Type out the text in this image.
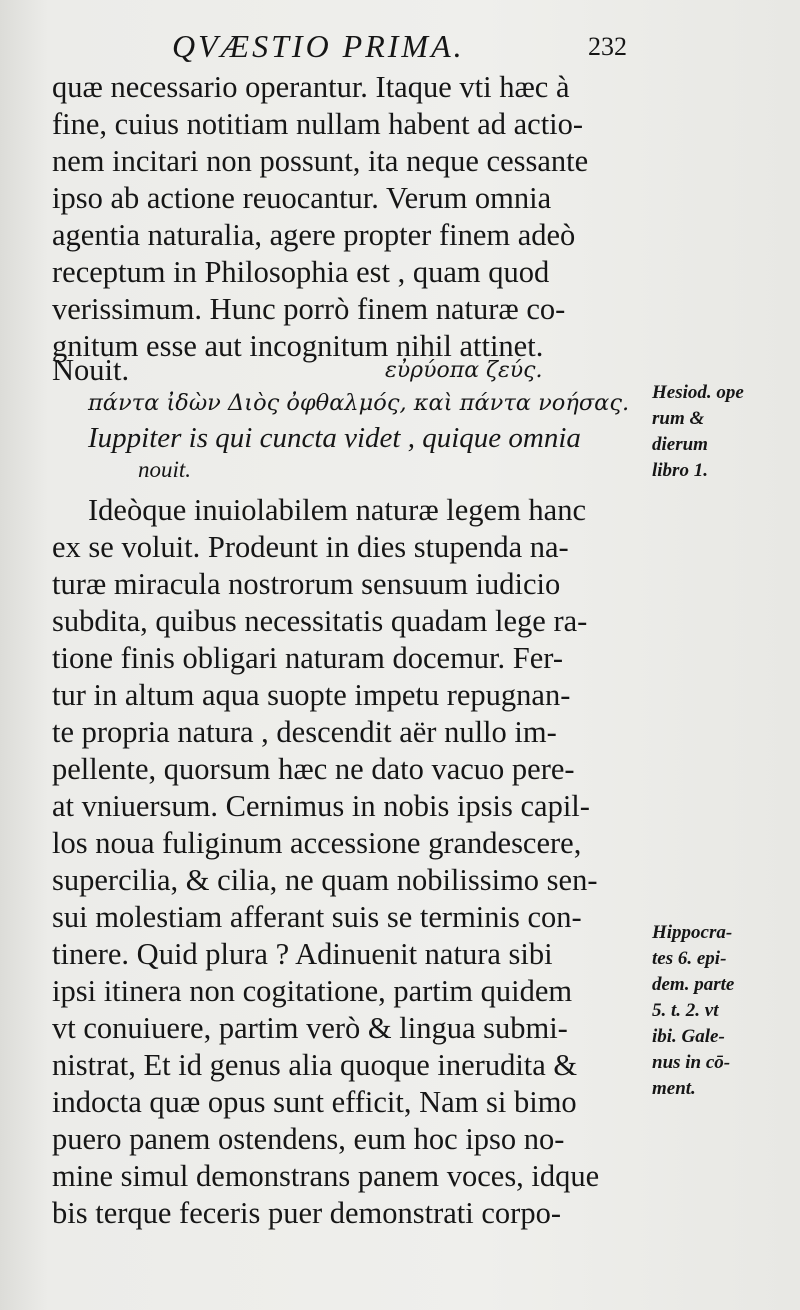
QVÆSTIO PRIMA.	232
quæ necessario operantur. Itaque vti hæc à
fine, cuius notitiam nullam habent ad actio-
nem incitari non possunt, ita neque cessante
ipso ab actione reuocantur. Verum omnia
agentia naturalia, agere propter finem adeò
receptum in Philosophia est , quam quod
verissimum. Hunc porrò finem naturæ co-
gnitum esse aut incognitum nihil attinet.
Nouit.	εὐρύοπα ζεύς.
πάντα ἰδὼν Διὸς ὀφθαλμός, καὶ πάντα νοήσας.
Iuppiter is qui cuncta videt , quique omnia
nouit.
Ideòque inuiolabilem naturæ legem hanc
ex se voluit. Prodeunt in dies stupenda na-
turæ miracula nostrorum sensuum iudicio
subdita, quibus necessitatis quadam lege ra-
tione finis obligari naturam docemur. Fer-
tur in altum aqua suopte impetu repugnan-
te propria natura , descendit aër nullo im-
pellente, quorsum hæc ne dato vacuo pere-
at vniuersum. Cernimus in nobis ipsis capil-
los noua fuliginum accessione grandescere,
supercilia, & cilia, ne quam nobilissimo sen-
sui molestiam afferant suis se terminis con-
tinere. Quid plura ? Adinuenit natura sibi
ipsi itinera non cogitatione, partim quidem
vt conuiuere, partim verò & lingua submi-
nistrat, Et id genus alia quoque inerudita &
indocta quæ opus sunt efficit, Nam si bimo
puero panem ostendens, eum hoc ipso no-
mine simul demonstrans panem voces, idque
bis terque feceris puer demonstrati corpo-
Hesiod. ope
rum &
dierum
libro 1.
Hippocra-
tes 6. epi-
dem. parte
5. t. 2. vt
ibi. Gale-
nus in cō-
ment.
